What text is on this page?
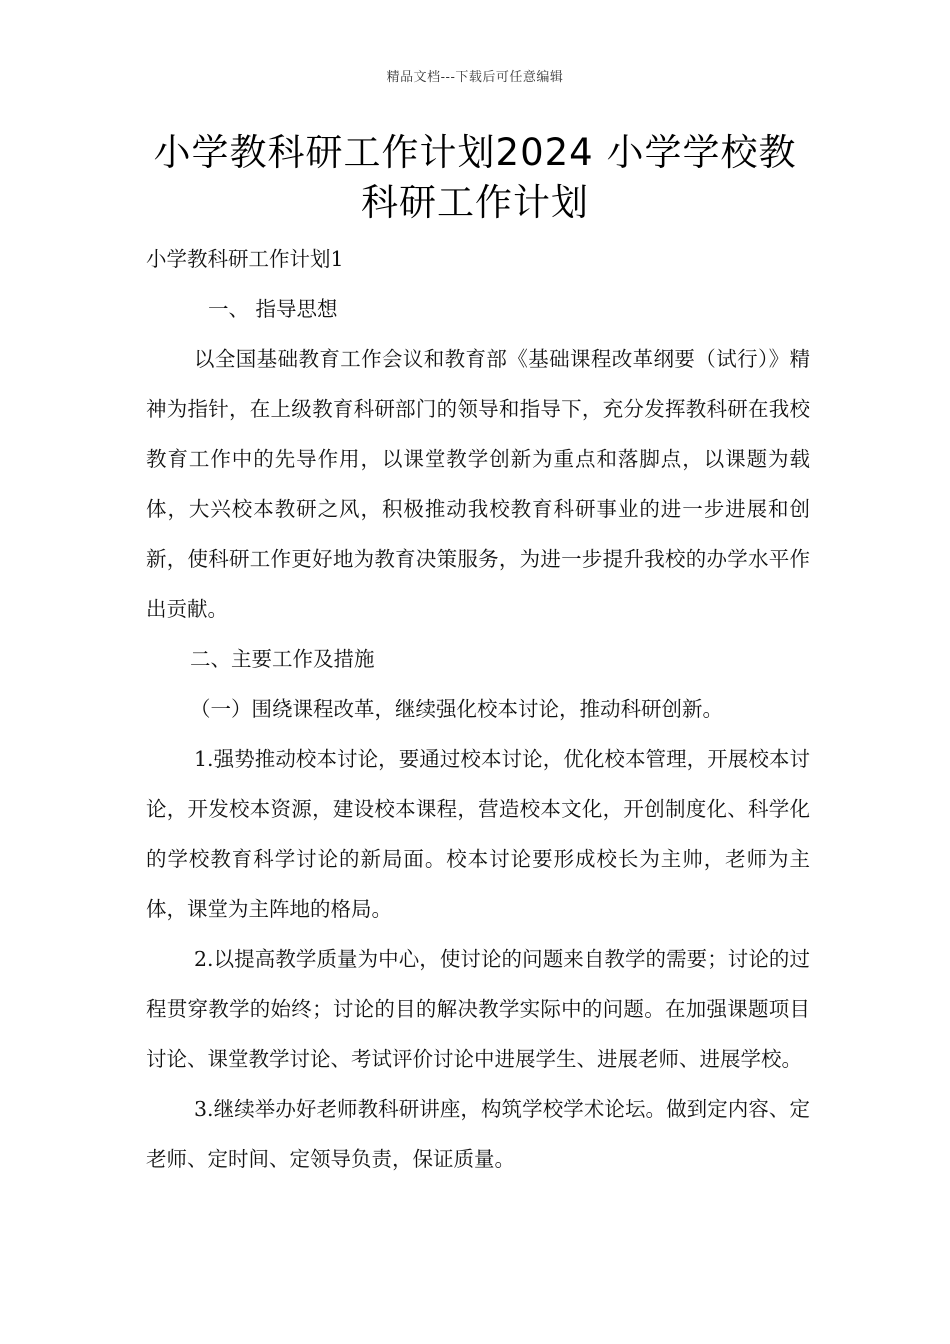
精品文档---下载后可任意编辑
小学教科研工作计划2024 小学学校教科研工作计划

小学教科研工作计划1

一、 指导思想

以全国基础教育工作会议和教育部《基础课程改革纲要（试行）》精神为指针，在上级教育科研部门的领导和指导下，充分发挥教科研在我校教育工作中的先导作用，以课堂教学创新为重点和落脚点，以课题为载体，大兴校本教研之风，积极推动我校教育科研事业的进一步进展和创新，使科研工作更好地为教育决策服务，为进一步提升我校的办学水平作出贡献。

二、主要工作及措施

（一）围绕课程改革，继续强化校本讨论，推动科研创新。

1.强势推动校本讨论，要通过校本讨论，优化校本管理，开展校本讨论，开发校本资源，建设校本课程，营造校本文化，开创制度化、科学化的学校教育科学讨论的新局面。校本讨论要形成校长为主帅，老师为主体，课堂为主阵地的格局。

2.以提高教学质量为中心，使讨论的问题来自教学的需要；讨论的过程贯穿教学的始终；讨论的目的解决教学实际中的问题。在加强课题项目讨论、课堂教学讨论、考试评价讨论中进展学生、进展老师、进展学校。

3.继续举办好老师教科研讲座，构筑学校学术论坛。做到定内容、定老师、定时间、定领导负责，保证质量。
